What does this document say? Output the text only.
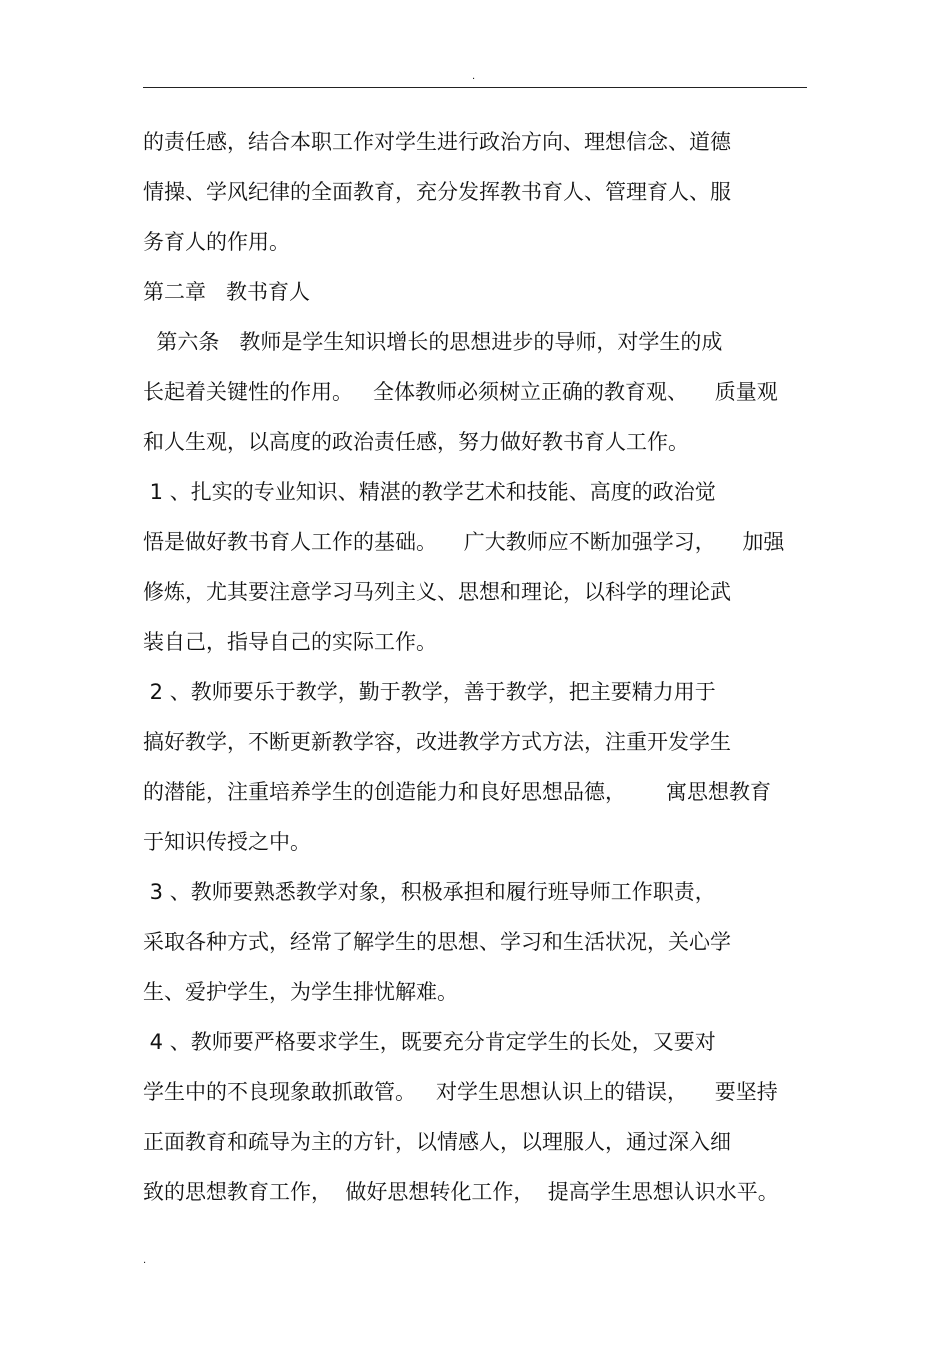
.
的责任感，结合本职工作对学生进行政治方向、理想信念、道德
情操、学风纪律的全面教育，充分发挥教书育人、管理育人、服
务育人的作用。
第二章   教书育人
第六条   教师是学生知识增长的思想进步的导师，对学生的成
长起着关键性的作用。   全体教师必须树立正确的教育观、    质量观
和人生观，以高度的政治责任感，努力做好教书育人工作。
1 、扎实的专业知识、精湛的教学艺术和技能、高度的政治觉
悟是做好教书育人工作的基础。    广大教师应不断加强学习，    加强
修炼，尤其要注意学习马列主义、思想和理论，以科学的理论武
装自己，指导自己的实际工作。
2 、教师要乐于教学，勤于教学，善于教学，把主要精力用于
搞好教学，不断更新教学容，改进教学方式方法，注重开发学生
的潜能，注重培养学生的创造能力和良好思想品德，      寓思想教育
于知识传授之中。
3 、教师要熟悉教学对象，积极承担和履行班导师工作职责，
采取各种方式，经常了解学生的思想、学习和生活状况，关心学
生、爱护学生，为学生排忧解难。
4 、教师要严格要求学生，既要充分肯定学生的长处，又要对
学生中的不良现象敢抓敢管。   对学生思想认识上的错误，    要坚持
正面教育和疏导为主的方针，以情感人，以理服人，通过深入细
致的思想教育工作，  做好思想转化工作，  提高学生思想认识水平。
.
